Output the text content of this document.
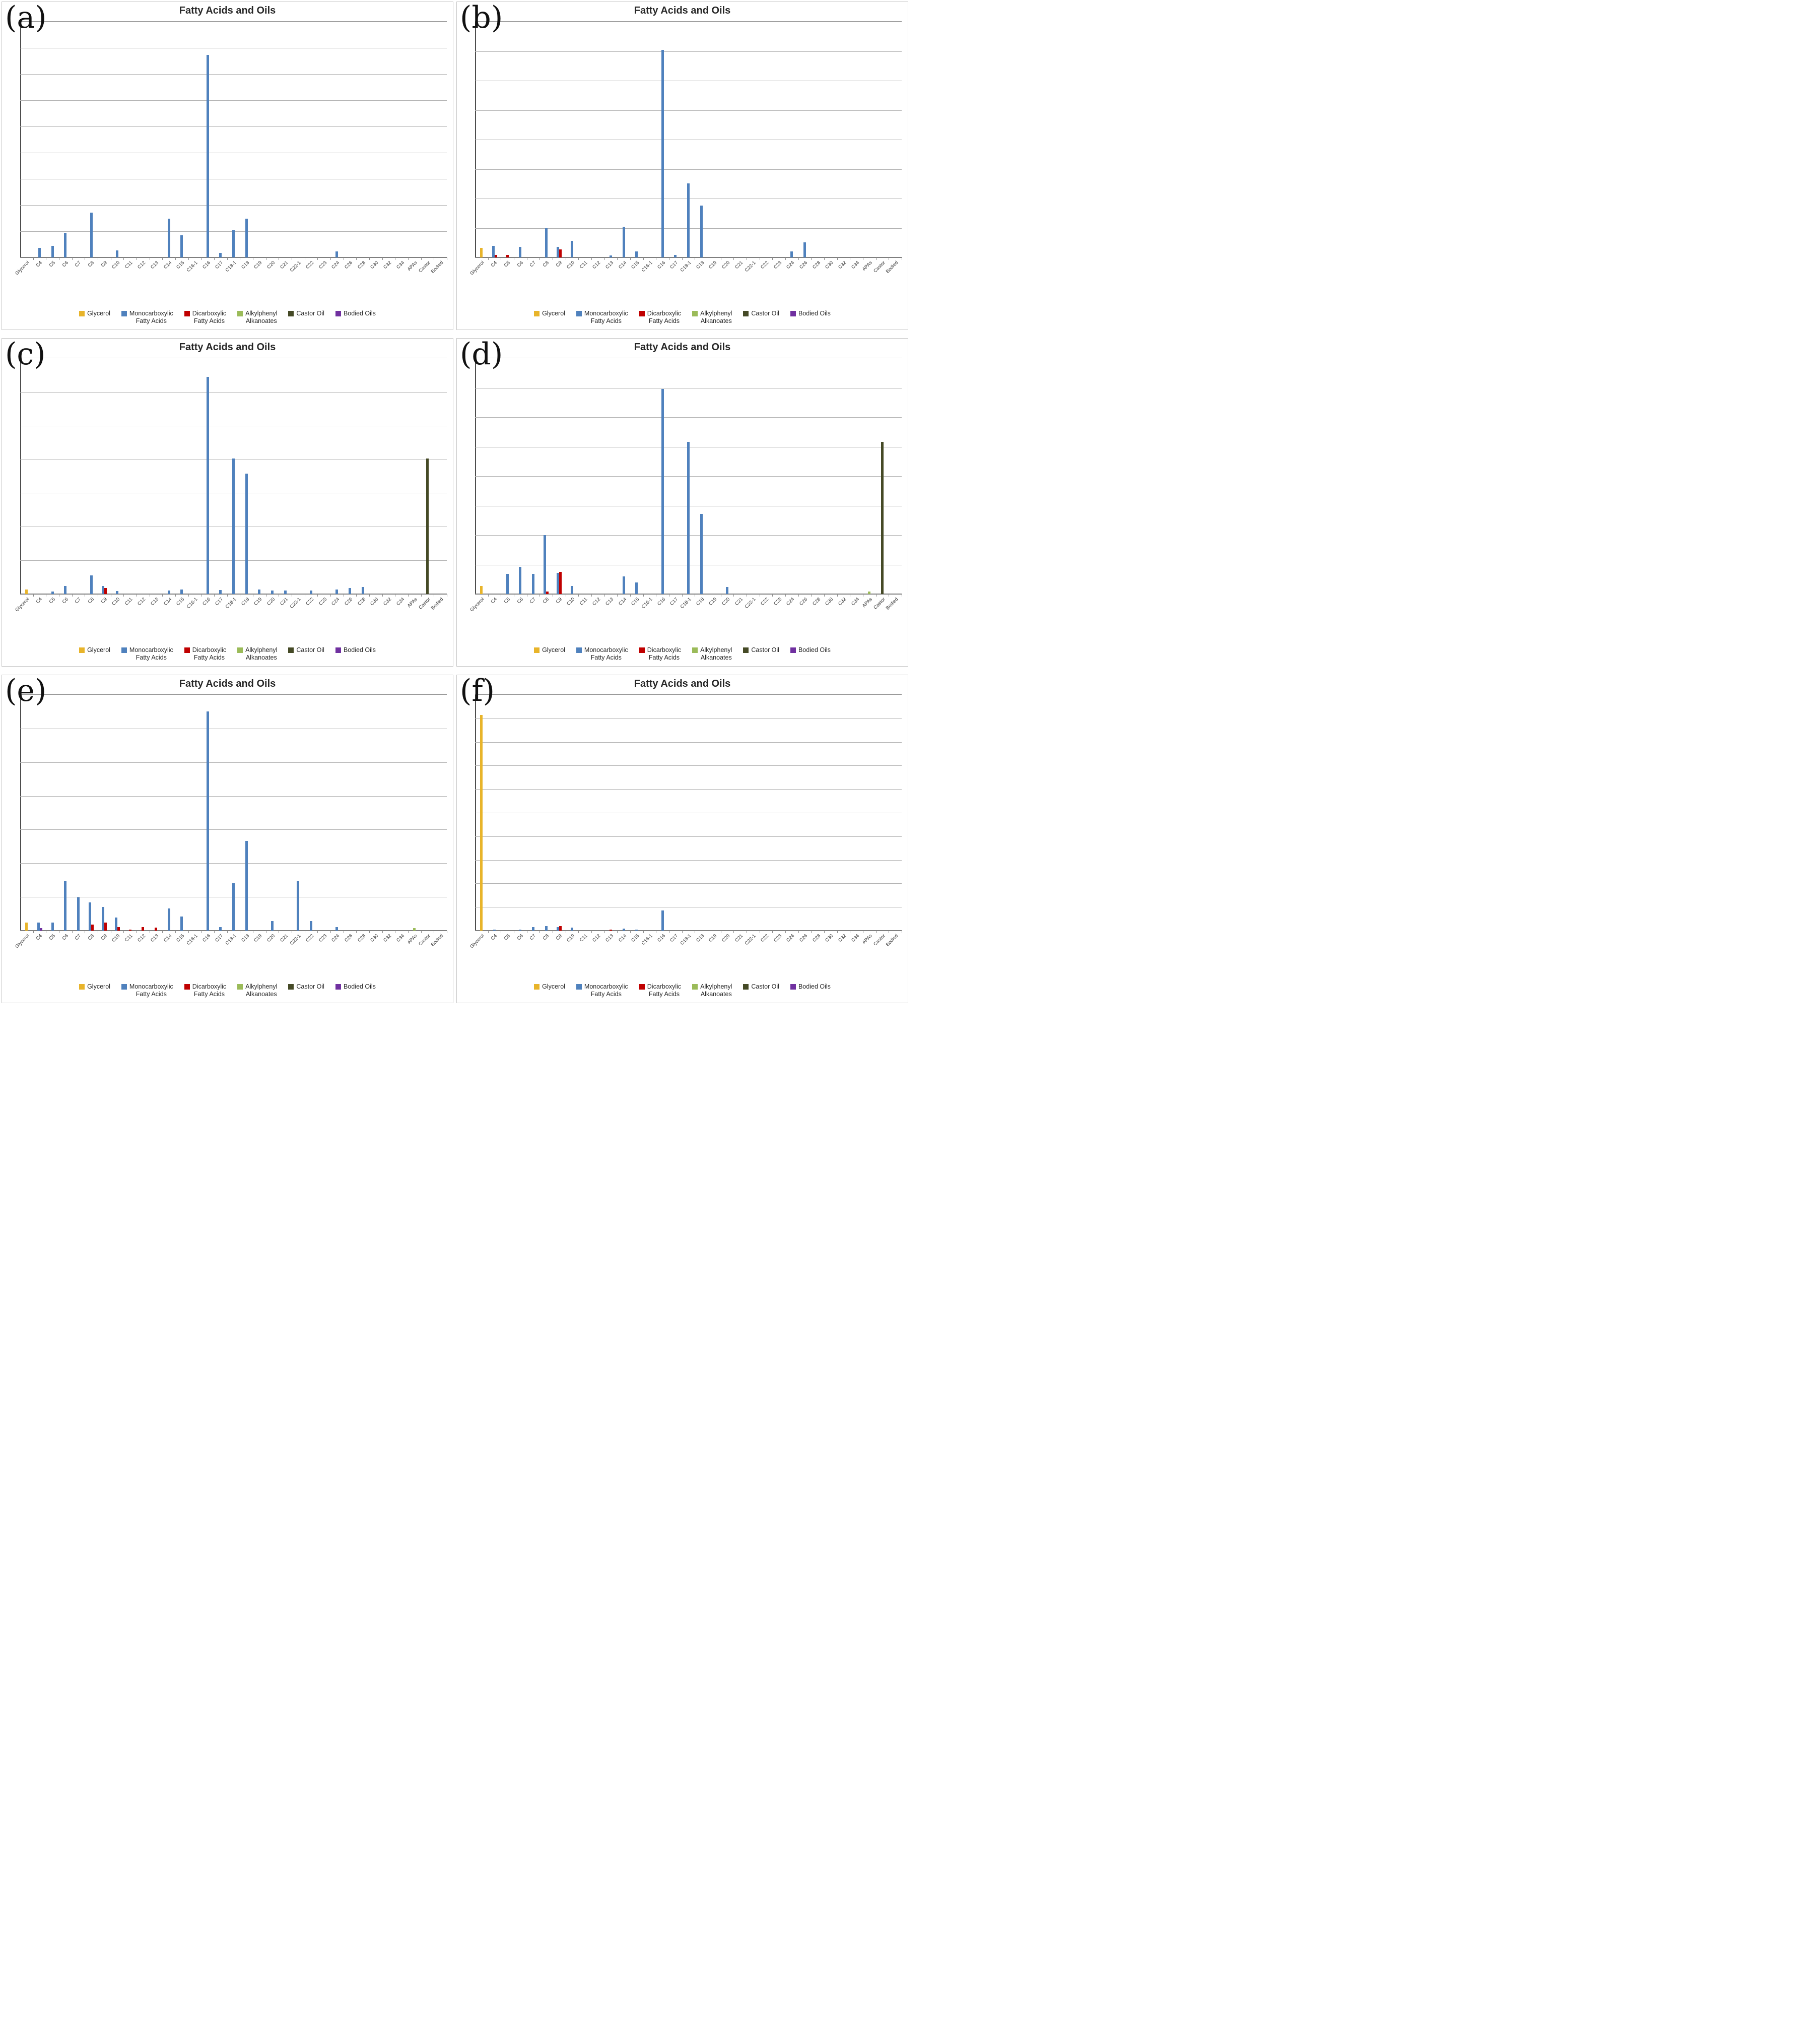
(a)	Fatty Acids and Oils
Glycerol C4 C5 C6 C7 C8 C9 C10 C11 C12 C13 C14 C15 C16-1 C16 C17 C18-1 C18 C19 C20 C21 C22-1 C22 C23 C24 C26 C28 C30 C32 C34 APAs
Castor
Bodied
Glycerol	Monocarboxylic
Fatty Acids
Dicarboxylic
Fatty Acids
Alkylphenyl
Alkanoates
Castor Oil	Bodied Oils
(b)	Fatty Acids and Oils
Glycerol C4 C5 C6 C7 C8 C9 C10 C11 C12 C13 C14 C15 C16-1 C16 C17 C18-1 C18 C19 C20 C21 C22-1 C22 C23 C24 C26 C28 C30 C32 C34 APAs
Castor
Bodied
Glycerol	Monocarboxylic
Fatty Acids
Dicarboxylic
Fatty Acids
Alkylphenyl
Alkanoates
Castor Oil	Bodied Oils
(c)	Fatty Acids and Oils
Glycerol C4 C5 C6 C7 C8 C9 C10 C11 C12 C13 C14 C15 C16-1 C16 C17 C18-1 C18 C19 C20 C21 C22-1 C22 C23 C24 C26 C28 C30 C32 C34 APAs
Castor
Bodied
Glycerol	Monocarboxylic
Fatty Acids
Dicarboxylic
Fatty Acids
Alkylphenyl
Alkanoates
Castor Oil	Bodied Oils
(d)	Fatty Acids and Oils
Glycerol C4 C5 C6 C7 C8 C9 C10 C11 C12 C13 C14 C15 C16-1 C16 C17 C18-1 C18 C19 C20 C21 C22-1 C22 C23 C24 C26 C28 C30 C32 C34 APAs
Castor
Bodied
Glycerol	Monocarboxylic
Fatty Acids
Dicarboxylic
Fatty Acids
Alkylphenyl
Alkanoates
Castor Oil	Bodied Oils
(e)	Fatty Acids and Oils
Glycerol C4 C5 C6 C7 C8 C9 C10 C11 C12 C13 C14 C15 C16-1 C16 C17 C18-1 C18 C19 C20 C21 C22-1 C22 C23 C24 C26 C28 C30 C32 C34 APAs
Castor
Bodied
Glycerol	Monocarboxylic
Fatty Acids
Dicarboxylic
Fatty Acids
Alkylphenyl
Alkanoates
Castor Oil	Bodied Oils
(f)	Fatty Acids and Oils
Glycerol C4 C5 C6 C7 C8 C9 C10 C11 C12 C13 C14 C15 C16-1 C16 C17 C18-1 C18 C19 C20 C21 C22-1 C22 C23 C24 C26 C28 C30 C32 C34 APAs
Castor
Bodied
Glycerol	Monocarboxylic
Fatty Acids
Dicarboxylic
Fatty Acids
Alkylphenyl
Alkanoates
Castor Oil	Bodied Oils
